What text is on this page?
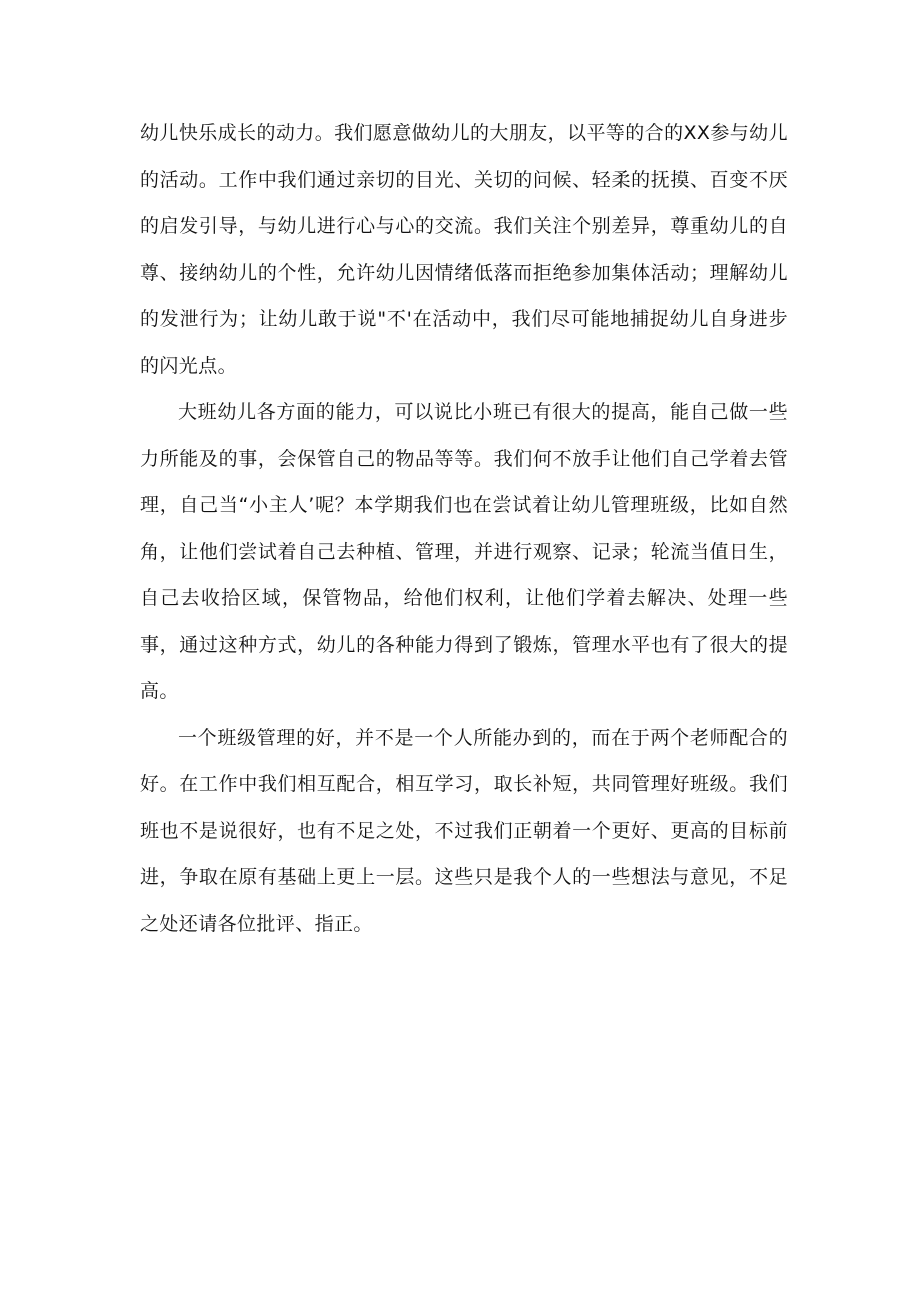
幼儿快乐成长的动力。我们愿意做幼儿的大朋友，以平等的合的XX参与幼儿的活动。工作中我们通过亲切的目光、关切的问候、轻柔的抚摸、百变不厌的启发引导，与幼儿进行心与心的交流。我们关注个别差异，尊重幼儿的自尊、接纳幼儿的个性，允许幼儿因情绪低落而拒绝参加集体活动；理解幼儿的发泄行为；让幼儿敢于说"不'在活动中，我们尽可能地捕捉幼儿自身进步的闪光点。

大班幼儿各方面的能力，可以说比小班已有很大的提高，能自己做一些力所能及的事，会保管自己的物品等等。我们何不放手让他们自己学着去管理，自己当“小主人’呢？本学期我们也在尝试着让幼儿管理班级，比如自然角，让他们尝试着自己去种植、管理，并进行观察、记录；轮流当值日生，自己去收拾区域，保管物品，给他们权利，让他们学着去解决、处理一些事，通过这种方式，幼儿的各种能力得到了锻炼，管理水平也有了很大的提高。

一个班级管理的好，并不是一个人所能办到的，而在于两个老师配合的好。在工作中我们相互配合，相互学习，取长补短，共同管理好班级。我们班也不是说很好，也有不足之处，不过我们正朝着一个更好、更高的目标前进，争取在原有基础上更上一层。这些只是我个人的一些想法与意见，不足之处还请各位批评、指正。
